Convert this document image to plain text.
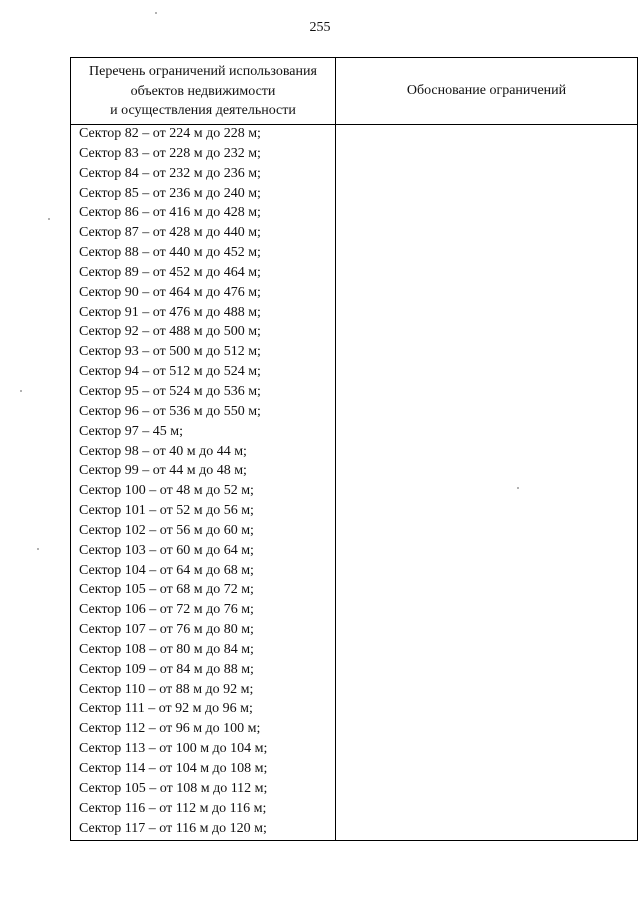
255
Перечень ограничений использования
объектов недвижимости
и осуществления деятельности
Обоснование ограничений
Сектор 82 – от 224 м до 228 м;
Сектор 83 – от 228 м до 232 м;
Сектор 84 – от 232 м до 236 м;
Сектор 85 – от 236 м до 240 м;
Сектор 86 – от 416 м до 428 м;
Сектор 87 – от 428 м до 440 м;
Сектор 88 – от 440 м до 452 м;
Сектор 89 – от 452 м до 464 м;
Сектор 90 – от 464 м до 476 м;
Сектор 91 – от 476 м до 488 м;
Сектор 92 – от 488 м до 500 м;
Сектор 93 – от 500 м до 512 м;
Сектор 94 – от 512 м до 524 м;
Сектор 95 – от 524 м до 536 м;
Сектор 96 – от 536 м до 550 м;
Сектор 97 – 45 м;
Сектор 98 – от 40 м до 44 м;
Сектор 99 – от 44 м до 48 м;
Сектор 100 – от 48 м до 52 м;
Сектор 101 – от 52 м до 56 м;
Сектор 102 – от 56 м до 60 м;
Сектор 103 – от 60 м до 64 м;
Сектор 104 – от 64 м до 68 м;
Сектор 105 – от 68 м до 72 м;
Сектор 106 – от 72 м до 76 м;
Сектор 107 – от 76 м до 80 м;
Сектор 108 – от 80 м до 84 м;
Сектор 109 – от 84 м до 88 м;
Сектор 110 – от 88 м до 92 м;
Сектор 111 – от 92 м до 96 м;
Сектор 112 – от 96 м до 100 м;
Сектор 113 – от 100 м до 104 м;
Сектор 114 – от 104 м до 108 м;
Сектор 105 – от 108 м до 112 м;
Сектор 116 – от 112 м до 116 м;
Сектор 117 – от 116 м до 120 м;
